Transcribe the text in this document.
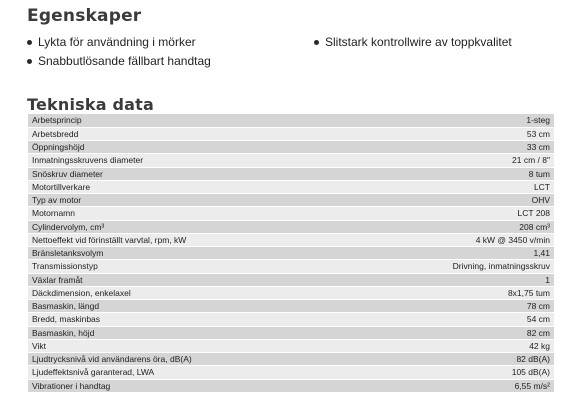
Egenskaper
Lykta för användning i mörker	Slitstark kontrollwire av toppkvalitet
Snabbutlösande fällbart handtag
Tekniska data
Arbetsprincip	1-steg
Arbetsbredd	53 cm
Öppningshöjd	33 cm
Inmatningsskruvens diameter	21 cm / 8"
Snöskruv diameter	8 tum
Motortillverkare	LCT
Typ av motor	OHV
Motornamn	LCT 208
Cylindervolym, cm³	208 cm³
Nettoeffekt vid förinställt varvtal, rpm, kW	4 kW @ 3450 v/min
Bränsletanksvolym	1,41
Transmissionstyp	Drivning, inmatningsskruv
Växlar framåt	1
Däckdimension, enkelaxel	8x1,75 tum
Basmaskin, längd	78 cm
Bredd, maskinbas	54 cm
Basmaskin, höjd	82 cm
Vikt	42 kg
Ljudtrycksnivå vid användarens öra, dB(A)	82 dB(A)
Ljudeffektsnivå garanterad, LWA	105 dB(A)
Vibrationer i handtag	6,55 m/s²
